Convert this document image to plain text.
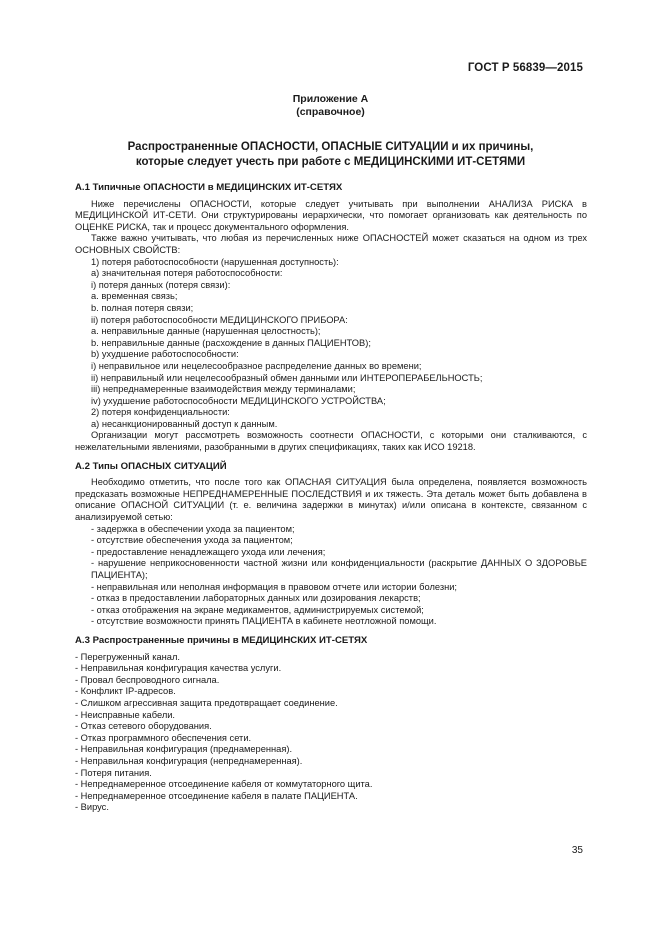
ГОСТ Р 56839—2015
Приложение А
(справочное)
Распространенные ОПАСНОСТИ, ОПАСНЫЕ СИТУАЦИИ и их причины,
которые следует учесть при работе с МЕДИЦИНСКИМИ ИТ-СЕТЯМИ
А.1 Типичные ОПАСНОСТИ в МЕДИЦИНСКИХ ИТ-СЕТЯХ

Ниже перечислены ОПАСНОСТИ, которые следует учитывать при выполнении АНАЛИЗА РИСКА в МЕДИЦИНСКОЙ ИТ-СЕТИ. Они структурированы иерархически, что помогает организовать как деятельность по ОЦЕНКЕ РИСКА, так и процесс документального оформления.

Также важно учитывать, что любая из перечисленных ниже ОПАСНОСТЕЙ может сказаться на одном из трех ОСНОВНЫХ СВОЙСТВ:

1) потеря работоспособности (нарушенная доступность):
а) значительная потеря работоспособности:
i) потеря данных (потеря связи):
a. временная связь;
b. полная потеря связи;
ii) потеря работоспособности МЕДИЦИНСКОГО ПРИБОРА:
a. неправильные данные (нарушенная целостность);
b. неправильные данные (расхождение в данных ПАЦИЕНТОВ);
b) ухудшение работоспособности:
i) неправильное или нецелесообразное распределение данных во времени;
ii) неправильный или нецелесообразный обмен данными или ИНТЕРОПЕРАБЕЛЬНОСТЬ;
iii) непреднамеренные взаимодействия между терминалами;
iv) ухудшение работоспособности МЕДИЦИНСКОГО УСТРОЙСТВА;
2) потеря конфиденциальности:
а) несанкционированный доступ к данным.

Организации могут рассмотреть возможность соотнести ОПАСНОСТИ, с которыми они сталкиваются, с нежелательными явлениями, разобранными в других спецификациях, таких как ИСО 19218.

А.2 Типы ОПАСНЫХ СИТУАЦИЙ

Необходимо отметить, что после того как ОПАСНАЯ СИТУАЦИЯ была определена, появляется возможность предсказать возможные НЕПРЕДНАМЕРЕННЫЕ ПОСЛЕДСТВИЯ и их тяжесть. Эта деталь может быть добавлена в описание ОПАСНОЙ СИТУАЦИИ (т. е. величина задержки в минутах) и/или описана в контексте, связанном с анализируемой сетью:

- задержка в обеспечении ухода за пациентом;
- отсутствие обеспечения ухода за пациентом;
- предоставление ненадлежащего ухода или лечения;
- нарушение неприкосновенности частной жизни или конфиденциальности (раскрытие ДАННЫХ О ЗДОРОВЬЕ ПАЦИЕНТА);
- неправильная или неполная информация в правовом отчете или истории болезни;
- отказ в предоставлении лабораторных данных или дозирования лекарств;
- отказ отображения на экране медикаментов, администрируемых системой;
- отсутствие возможности принять ПАЦИЕНТА в кабинете неотложной помощи.
А.3 Распространенные причины в МЕДИЦИНСКИХ ИТ-СЕТЯХ
- Перегруженный канал.
- Неправильная конфигурация качества услуги.
- Провал беспроводного сигнала.
- Конфликт IP-адресов.
- Слишком агрессивная защита предотвращает соединение.
- Неисправные кабели.
- Отказ сетевого оборудования.
- Отказ программного обеспечения сети.
- Неправильная конфигурация (преднамеренная).
- Неправильная конфигурация (непреднамеренная).
- Потеря питания.
- Непреднамеренное отсоединение кабеля от коммутаторного щита.
- Непреднамеренное отсоединение кабеля в палате ПАЦИЕНТА.
- Вирус.
35
